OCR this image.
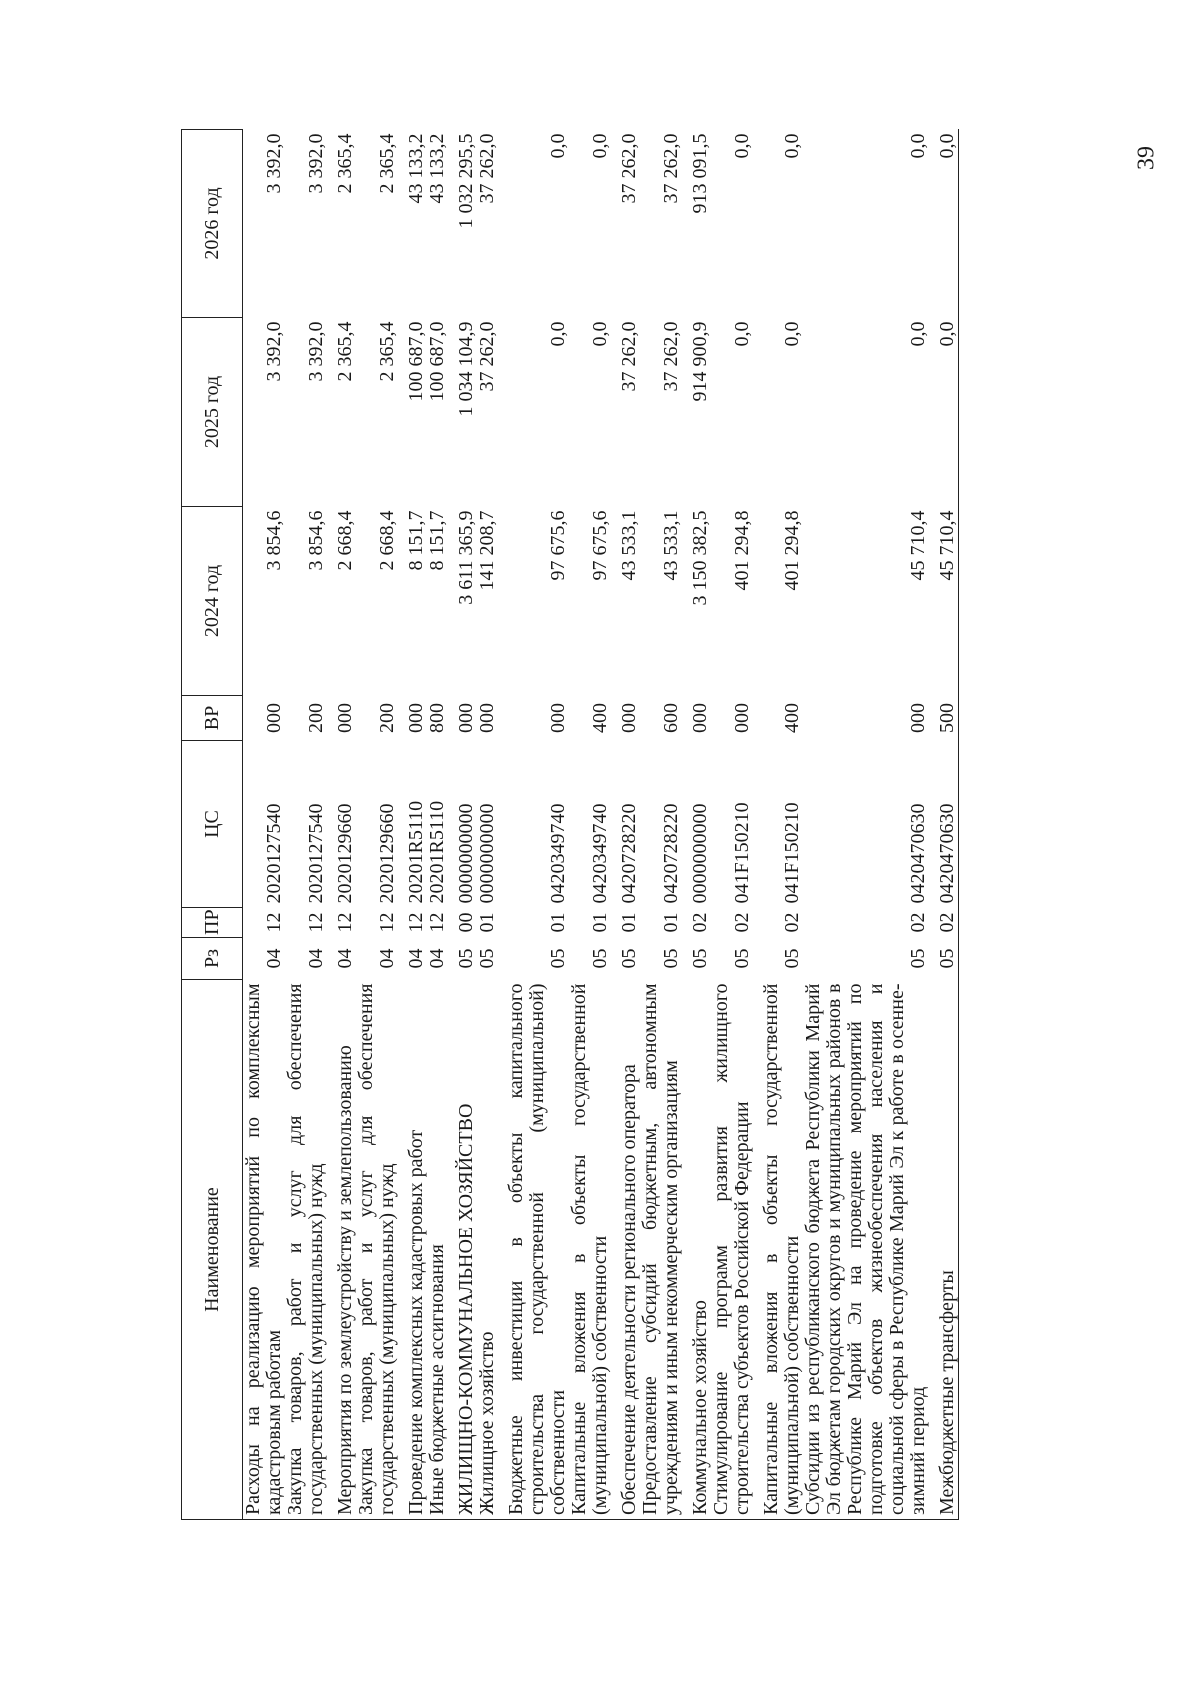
39
Наименование	Рз	ПР	ЦС	ВР	2024 год	2025 год	2026 год
Расходы на реализацию мероприятий по комплексным кадастровым работам	04	12	2020127540	000	3 854,6	3 392,0	3 392,0
Закупка товаров, работ и услуг для обеспечения государственных (муниципальных) нужд	04	12	2020127540	200	3 854,6	3 392,0	3 392,0

Мероприятия по землеустройству и землепользованию	04	12	2020129660	000	2 668,4	2 365,4	2 365,4
Закупка товаров, работ и услуг для обеспечения государственных (муниципальных) нужд	04	12	2020129660	200	2 668,4	2 365,4	2 365,4

Проведение комплексных кадастровых работ	04	12	20201R5110	000	8 151,7	100 687,0	43 133,2
Иные бюджетные ассигнования	04	12	20201R5110	800	8 151,7	100 687,0	43 133,2

ЖИЛИЩНО-КОММУНАЛЬНОЕ ХОЗЯЙСТВО	05	00	0000000000	000	3 611 365,9	1 034 104,9	1 032 295,5
Жилищное хозяйство	05	01	0000000000	000	141 208,7	37 262,0	37 262,0

Бюджетные инвестиции в объекты капитального строительства государственной (муниципальной) собственности	05	01	0420349740	000	97 675,6	0,0	0,0
Капитальные вложения в объекты государственной (муниципальной) собственности	05	01	0420349740	400	97 675,6	0,0	0,0

Обеспечение деятельности регионального оператора	05	01	0420728220	000	43 533,1	37 262,0	37 262,0
Предоставление субсидий бюджетным, автономным учреждениям и иным некоммерческим организациям	05	01	0420728220	600	43 533,1	37 262,0	37 262,0

Коммунальное хозяйство	05	02	0000000000	000	3 150 382,5	914 900,9	913 091,5
Стимулирование программ развития жилищного строительства субъектов Российской Федерации	05	02	041F150210	000	401 294,8	0,0	0,0

Капитальные вложения в объекты государственной (муниципальной) собственности	05	02	041F150210	400	401 294,8	0,0	0,0
Субсидии из республиканского бюджета Республики Марий Эл бюджетам городских округов и муниципальных районов в Республике Марий Эл на проведение мероприятий по подготовке объектов жизнеобеспечения населения и социальной сферы в Республике Марий Эл к работе в осенне-зимний период	05	02	0420470630	000	45 710,4	0,0	0,0

Межбюджетные трансферты	05	02	0420470630	500	45 710,4	0,0	0,0
